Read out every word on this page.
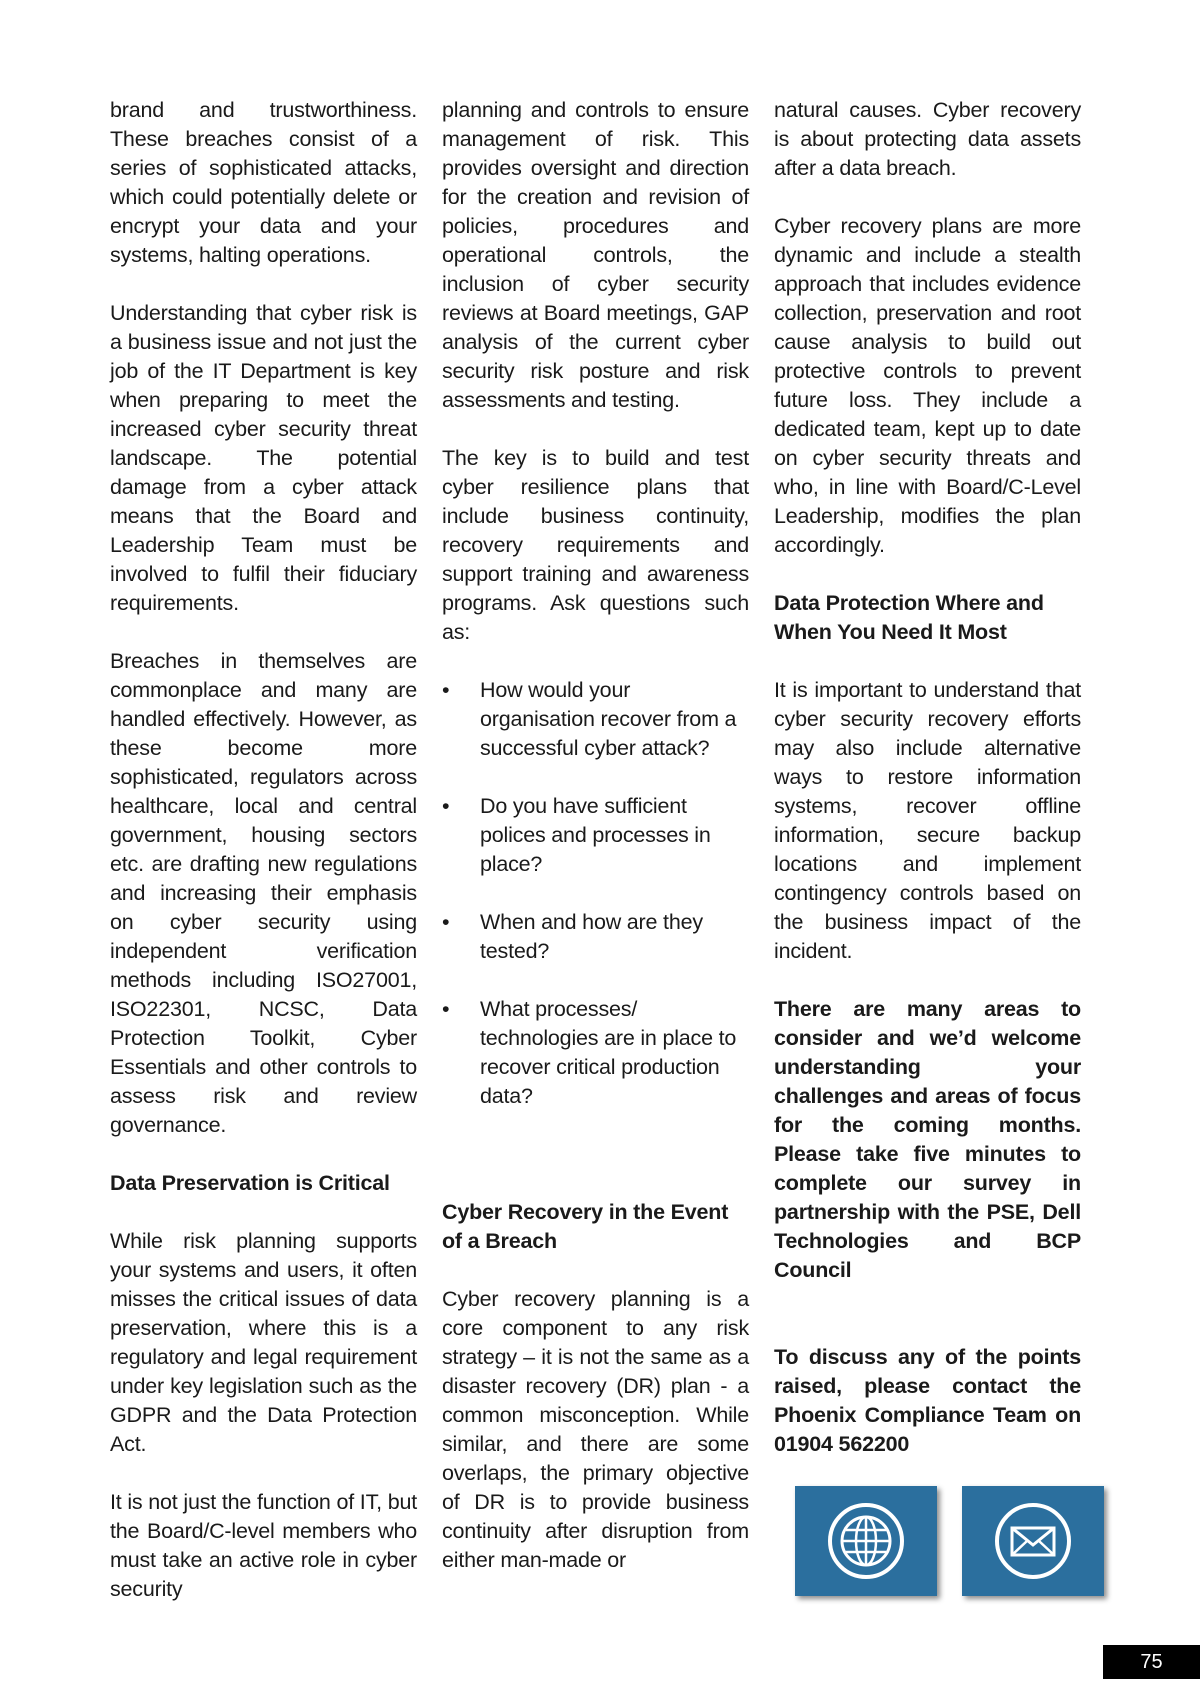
brand and trustworthiness. These breaches consist of a series of sophisticated attacks, which could potentially delete or encrypt your data and your systems, halting operations.

Understanding that cyber risk is a business issue and not just the job of the IT Department is key when preparing to meet the increased cyber security threat landscape. The potential damage from a cyber attack means that the Board and Leadership Team must be involved to fulfil their fiduciary requirements.

Breaches in themselves are commonplace and many are handled effectively. However, as these become more sophisticated, regulators across healthcare, local and central government, housing sectors etc. are drafting new regulations and increasing their emphasis on cyber security using independent verification methods including ISO27001, ISO22301, NCSC, Data Protection Toolkit, Cyber Essentials and other controls to assess risk and review governance.

Data Preservation is Critical

While risk planning supports your systems and users, it often misses the critical issues of data preservation, where this is a regulatory and legal requirement under key legislation such as the GDPR and the Data Protection Act.

It is not just the function of IT, but the Board/C-level members who must take an active role in cyber security

planning and controls to ensure management of risk. This provides oversight and direction for the creation and revision of policies, procedures and operational controls, the inclusion of cyber security reviews at Board meetings, GAP analysis of the current cyber security risk posture and risk assessments and testing.

The key is to build and test cyber resilience plans that include business continuity, recovery requirements and support training and awareness programs. Ask questions such as:

• How would your organisation recover from a successful cyber attack?
• Do you have sufficient polices and processes in place?
• When and how are they tested?
• What processes/ technologies are in place to recover critical production data?
Cyber Recovery in the Event of a Breach

Cyber recovery planning is a core component to any risk strategy – it is not the same as a disaster recovery (DR) plan - a common misconception. While similar, and there are some overlaps, the primary objective of DR is to provide business continuity after disruption from either man-made or

natural causes. Cyber recovery is about protecting data assets after a data breach.

Cyber recovery plans are more dynamic and include a stealth approach that includes evidence collection, preservation and root cause analysis to build out protective controls to prevent future loss. They include a dedicated team, kept up to date on cyber security threats and who, in line with Board/C-Level Leadership, modifies the plan accordingly.

Data Protection Where and When You Need It Most

It is important to understand that cyber security recovery efforts may also include alternative ways to restore information systems, recover offline information, secure backup locations and implement contingency controls based on the business impact of the incident.

There are many areas to consider and we’d welcome understanding your challenges and areas of focus for the coming months. Please take five minutes to complete our survey in partnership with the PSE, Dell Technologies and BCP Council

To discuss any of the points raised, please contact the Phoenix Compliance Team on 01904 562200

75
